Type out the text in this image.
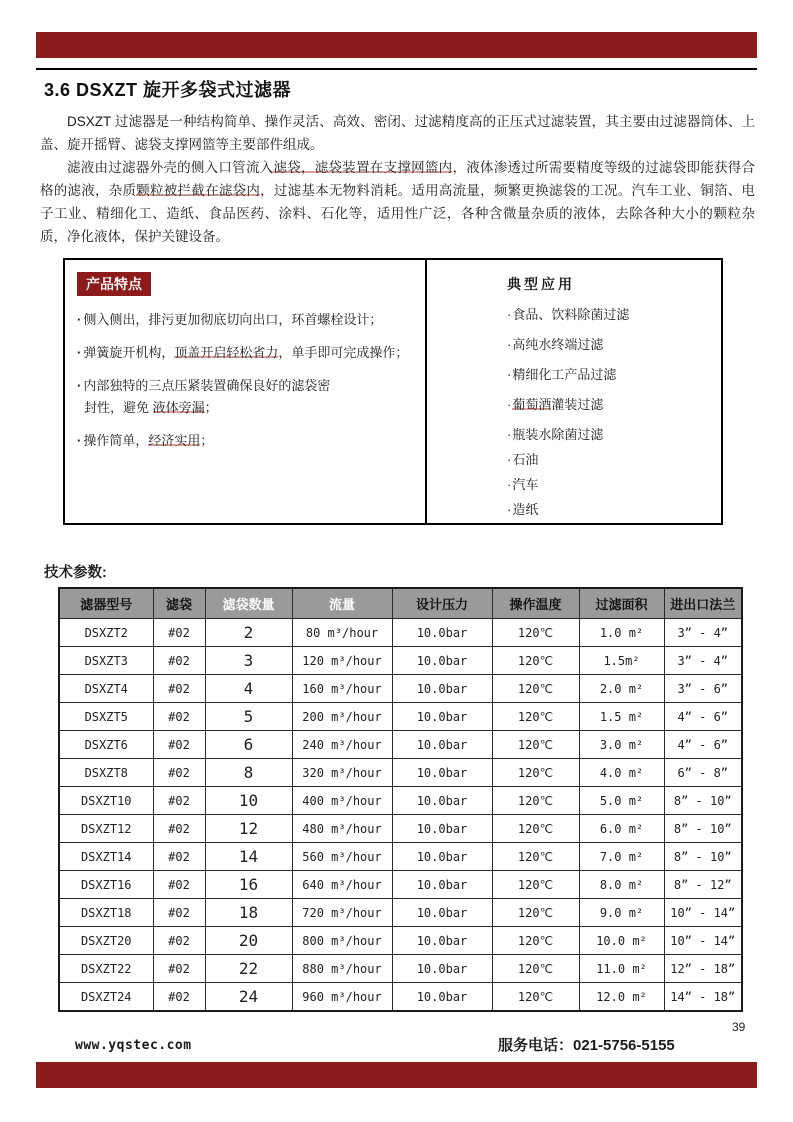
3.6 DSXZT 旋开多袋式过滤器

DSXZT 过滤器是一种结构简单、操作灵活、高效、密闭、过滤精度高的正压式过滤装置，其主要由过滤器筒体、上盖、旋开摇臂、滤袋支撑网篮等主要部件组成。

滤液由过滤器外壳的侧入口管流入滤袋，滤袋装置在支撑网篮内，液体渗透过所需要精度等级的过滤袋即能获得合格的滤液，杂质颗粒被拦截在滤袋内，过滤基本无物料消耗。适用高流量，频繁更换滤袋的工况。汽车工业、铜箔、电子工业、精细化工、造纸、食品医药、涂料、石化等，适用性广泛，各种含微量杂质的液体，去除各种大小的颗粒杂质，净化液体，保护关键设备。

产品特点
· 侧入侧出，排污更加彻底切向出口，环首螺栓设计；
· 弹簧旋开机构，顶盖开启轻松省力，单手即可完成操作；
· 内部独特的三点压紧装置确保良好的滤袋密
封性，避免 液体旁漏；
· 操作简单，经济实用；
典型应用
· 食品、饮料除菌过滤
· 高纯水终端过滤
· 精细化工产品过滤
· 葡萄酒灌装过滤
· 瓶装水除菌过滤
· 石油
· 汽车
· 造纸
技术参数:
滤器型号	滤袋	滤袋数量	流量	设计压力	操作温度	过滤面积	进出口法兰
DSXZT2	#02	2	80 m³/hour	10.0bar	120℃	1.0 m²	3” - 4”
DSXZT3	#02	3	120 m³/hour	10.0bar	120℃	1.5m²	3” - 4”
DSXZT4	#02	4	160 m³/hour	10.0bar	120℃	2.0 m²	3” - 6”
DSXZT5	#02	5	200 m³/hour	10.0bar	120℃	1.5 m²	4” - 6”
DSXZT6	#02	6	240 m³/hour	10.0bar	120℃	3.0 m²	4” - 6”
DSXZT8	#02	8	320 m³/hour	10.0bar	120℃	4.0 m²	6” - 8”
DSXZT10	#02	10	400 m³/hour	10.0bar	120℃	5.0 m²	8” - 10”
DSXZT12	#02	12	480 m³/hour	10.0bar	120℃	6.0 m²	8” - 10”
DSXZT14	#02	14	560 m³/hour	10.0bar	120℃	7.0 m²	8” - 10”
DSXZT16	#02	16	640 m³/hour	10.0bar	120℃	8.0 m²	8” - 12”
DSXZT18	#02	18	720 m³/hour	10.0bar	120℃	9.0 m²	10” - 14”
DSXZT20	#02	20	800 m³/hour	10.0bar	120℃	10.0 m²	10” - 14”
DSXZT22	#02	22	880 m³/hour	10.0bar	120℃	11.0 m²	12” - 18”
DSXZT24	#02	24	960 m³/hour	10.0bar	120℃	12.0 m²	14” - 18”
www.yqstec.com	服务电话：021-5756-5155
39
